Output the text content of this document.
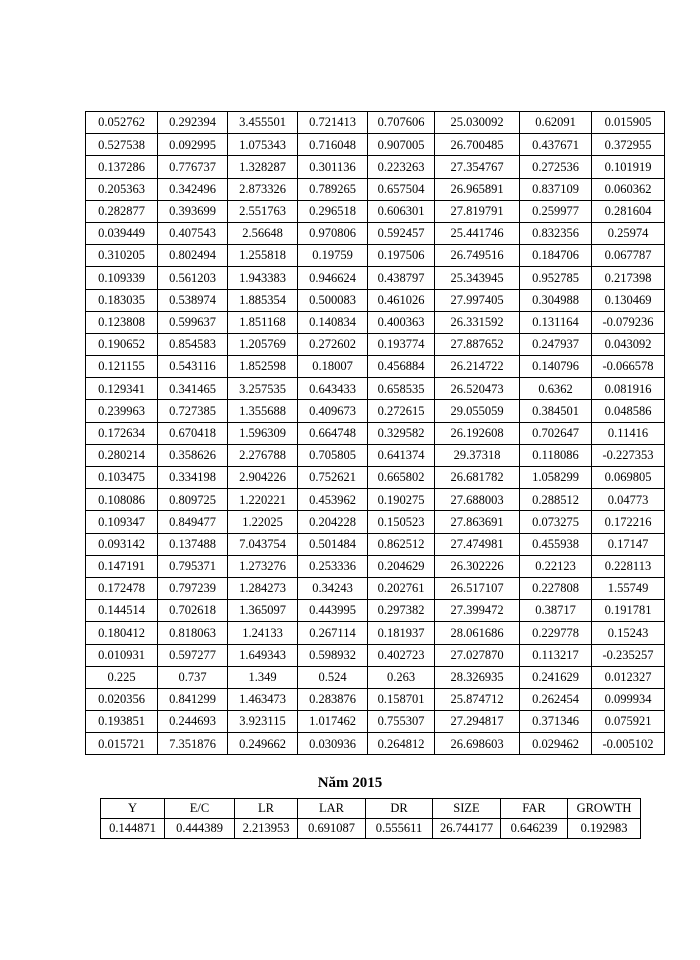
0.052762	0.292394	3.455501	0.721413	0.707606	25.030092	0.62091	0.015905
0.527538	0.092995	1.075343	0.716048	0.907005	26.700485	0.437671	0.372955
0.137286	0.776737	1.328287	0.301136	0.223263	27.354767	0.272536	0.101919
0.205363	0.342496	2.873326	0.789265	0.657504	26.965891	0.837109	0.060362
0.282877	0.393699	2.551763	0.296518	0.606301	27.819791	0.259977	0.281604
0.039449	0.407543	2.56648	0.970806	0.592457	25.441746	0.832356	0.25974
0.310205	0.802494	1.255818	0.19759	0.197506	26.749516	0.184706	0.067787
0.109339	0.561203	1.943383	0.946624	0.438797	25.343945	0.952785	0.217398
0.183035	0.538974	1.885354	0.500083	0.461026	27.997405	0.304988	0.130469
0.123808	0.599637	1.851168	0.140834	0.400363	26.331592	0.131164	-0.079236
0.190652	0.854583	1.205769	0.272602	0.193774	27.887652	0.247937	0.043092
0.121155	0.543116	1.852598	0.18007	0.456884	26.214722	0.140796	-0.066578
0.129341	0.341465	3.257535	0.643433	0.658535	26.520473	0.6362	0.081916
0.239963	0.727385	1.355688	0.409673	0.272615	29.055059	0.384501	0.048586
0.172634	0.670418	1.596309	0.664748	0.329582	26.192608	0.702647	0.11416
0.280214	0.358626	2.276788	0.705805	0.641374	29.37318	0.118086	-0.227353
0.103475	0.334198	2.904226	0.752621	0.665802	26.681782	1.058299	0.069805
0.108086	0.809725	1.220221	0.453962	0.190275	27.688003	0.288512	0.04773
0.109347	0.849477	1.22025	0.204228	0.150523	27.863691	0.073275	0.172216
0.093142	0.137488	7.043754	0.501484	0.862512	27.474981	0.455938	0.17147
0.147191	0.795371	1.273276	0.253336	0.204629	26.302226	0.22123	0.228113
0.172478	0.797239	1.284273	0.34243	0.202761	26.517107	0.227808	1.55749
0.144514	0.702618	1.365097	0.443995	0.297382	27.399472	0.38717	0.191781
0.180412	0.818063	1.24133	0.267114	0.181937	28.061686	0.229778	0.15243
0.010931	0.597277	1.649343	0.598932	0.402723	27.027870	0.113217	-0.235257
0.225	0.737	1.349	0.524	0.263	28.326935	0.241629	0.012327
0.020356	0.841299	1.463473	0.283876	0.158701	25.874712	0.262454	0.099934
0.193851	0.244693	3.923115	1.017462	0.755307	27.294817	0.371346	0.075921
0.015721	7.351876	0.249662	0.030936	0.264812	26.698603	0.029462	-0.005102
Năm 2015
Y	E/C	LR	LAR	DR	SIZE	FAR	GROWTH
0.144871	0.444389	2.213953	0.691087	0.555611	26.744177	0.646239	0.192983
